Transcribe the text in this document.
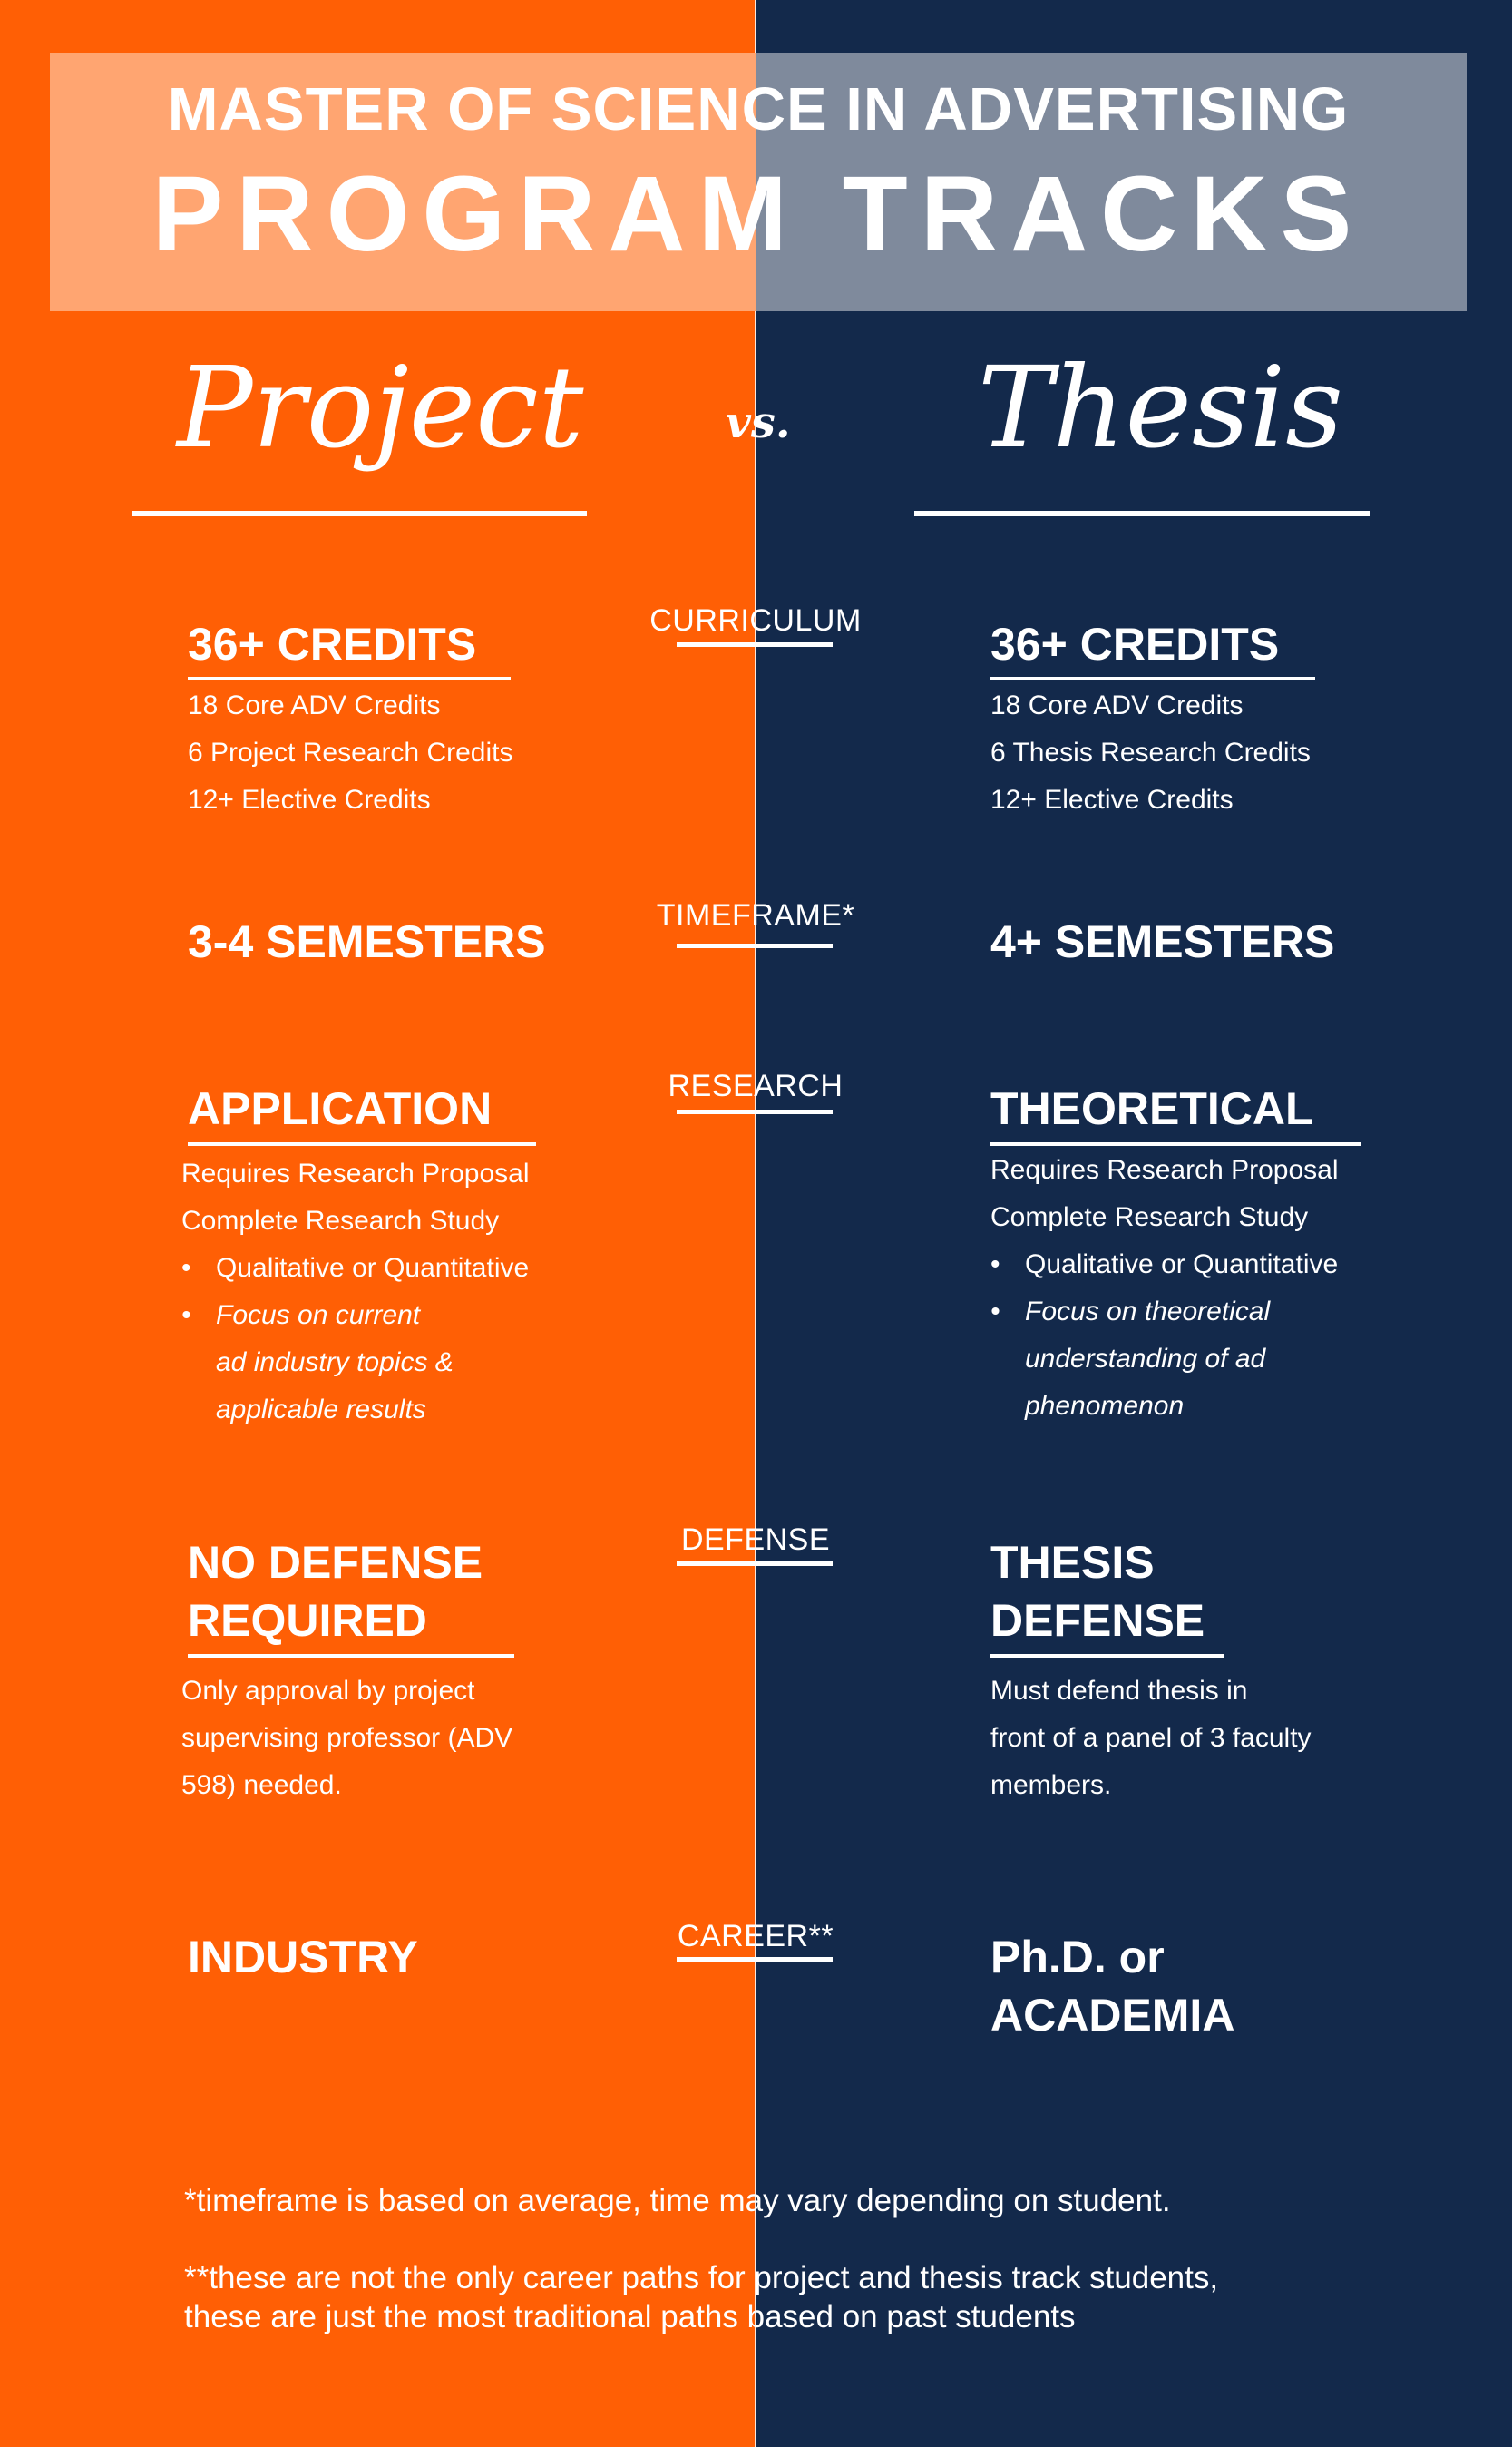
MASTER OF SCIENCE IN ADVERTISING
PROGRAM TRACKS
Project	vs. Thesis
CURRICULUM
TIMEFRAME*
RESEARCH
DEFENSE
CAREER**
36+ CREDITS
18 Core ADV Credits
6 Project Research Credits
12+ Elective Credits
3-4 SEMESTERS
APPLICATION
Requires Research Proposal
Complete Research Study
• Qualitative or Quantitative
• Focus on current
ad industry topics &
applicable results
NO DEFENSE
REQUIRED
Only approval by project
supervising professor (ADV
598) needed.
INDUSTRY
36+ CREDITS
18 Core ADV Credits
6 Thesis Research Credits
12+ Elective Credits
4+ SEMESTERS
THEORETICAL
Requires Research Proposal
Complete Research Study
• Qualitative or Quantitative
• Focus on theoretical
understanding of ad
phenomenon
THESIS
DEFENSE
Must defend thesis in
front of a panel of 3 faculty
members.
Ph.D. or
ACADEMIA
*timeframe is based on average, time may vary depending on student.
**these are not the only career paths for project and thesis track students,
these are just the most traditional paths based on past students
